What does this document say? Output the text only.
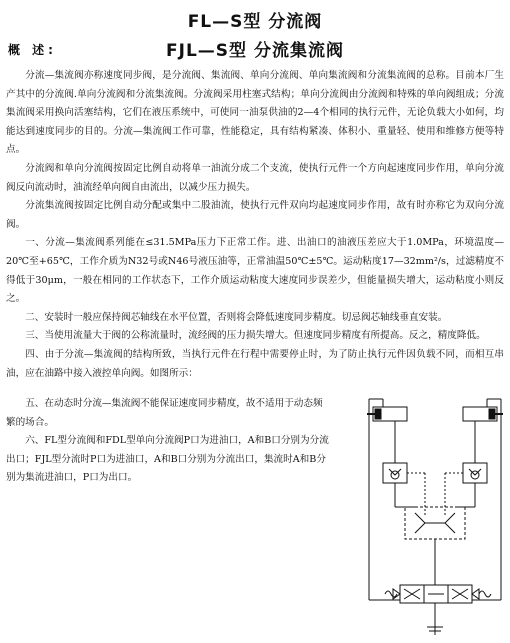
FL—S型 分流阀
概 述:	FJL—S型 分流集流阀

分流—集流阀亦称速度同步阀，是分流阀、集流阀、单向分流阀、单向集流阀和分流集流阀的总称。目前本厂生产其中的分流阀.单向分流阀和分流集流阀。分流阀采用柱塞式结构；单向分流阀由分流阀和特殊的单向阀组成；分流集流阀采用换向活塞结构，它们在液压系统中，可使同一油泵供油的2—4个相同的执行元件，无论负载大小如何，均能达到速度同步的目的。分流—集流阀工作可靠，性能稳定，具有结构紧凑、体积小、重量轻、使用和维修方便等特点。

分流阀和单向分流阀按固定比例自动将单一油流分成二个支流，使执行元件一个方向起速度同步作用，单向分流阀反向流动时，油流经单向阀自由流出，以减少压力损失。

分流集流阀按固定比例自动分配或集中二股油流，使执行元件双向均起速度同步作用，故有时亦称它为双向分流阀。

一、分流—集流阀系列能在≤31.5MPa压力下正常工作。进、出油口的油液压差应大于1.0MPa，环境温度—20℃至+65℃，工作介质为N32号或N46号液压油等，正常油温50℃±5℃。运动粘度17—32mm²/s，过滤精度不得低于30μm，一般在相同的工作状态下，工作介质运动粘度大速度同步误差少，但能量损失增大，运动粘度小则反之。

二、安装时一般应保持阀芯轴线在水平位置，否则将会降低速度同步精度。切忌阀芯轴线垂直安装。

三、当使用流量大于阀的公称流量时，流经阀的压力损失增大。但速度同步精度有所提高。反之，精度降低。

四、由于分流—集流阀的结构所致，当执行元件在行程中需要停止时，为了防止执行元件因负载不同，而相互串油，应在油路中接入液控单向阀。如图所示：

五、在动态时分流—集流阀不能保证速度同步精度，故不适用于动态频繁的场合。

六、FL型分流阀和FDL型单向分流阀P口为进油口，A和B口分别为分流出口；FJL型分流时P口为进油口，A和B口分别为分流出口，集流时A和B分别为集流进油口，P口为出口。
